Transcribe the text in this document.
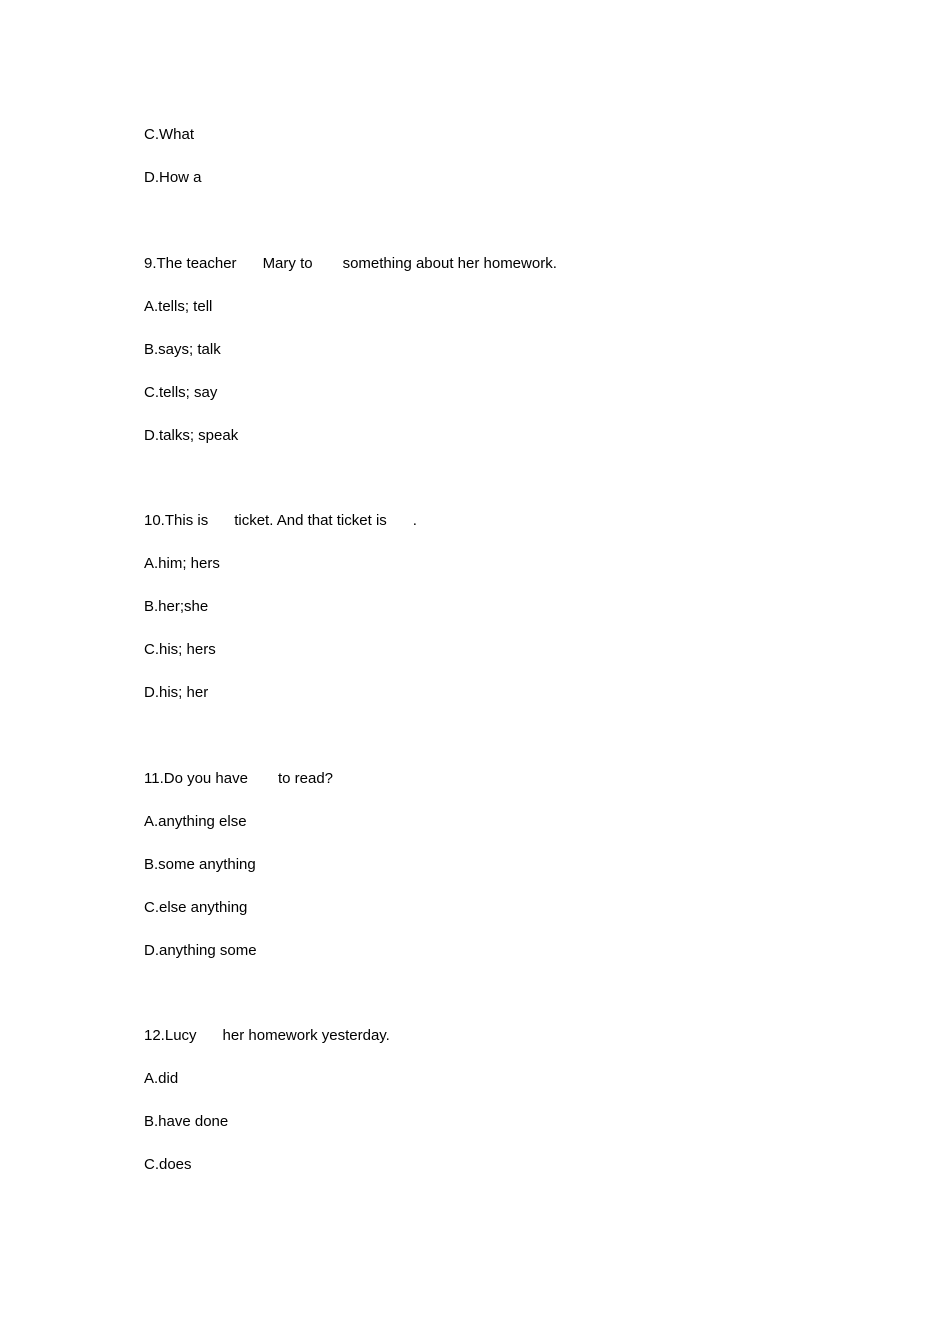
C.What

D.How a

9.The teacher Mary to something about her homework.

A.tells; tell

B.says; talk

C.tells; say

D.talks; speak

10.This is ticket. And that ticket is .

A.him; hers

B.her;she

C.his; hers

D.his; her

11.Do you have to read?

A.anything else

B.some anything

C.else anything

D.anything some

12.Lucy her homework yesterday.

A.did

B.have done

C.does
